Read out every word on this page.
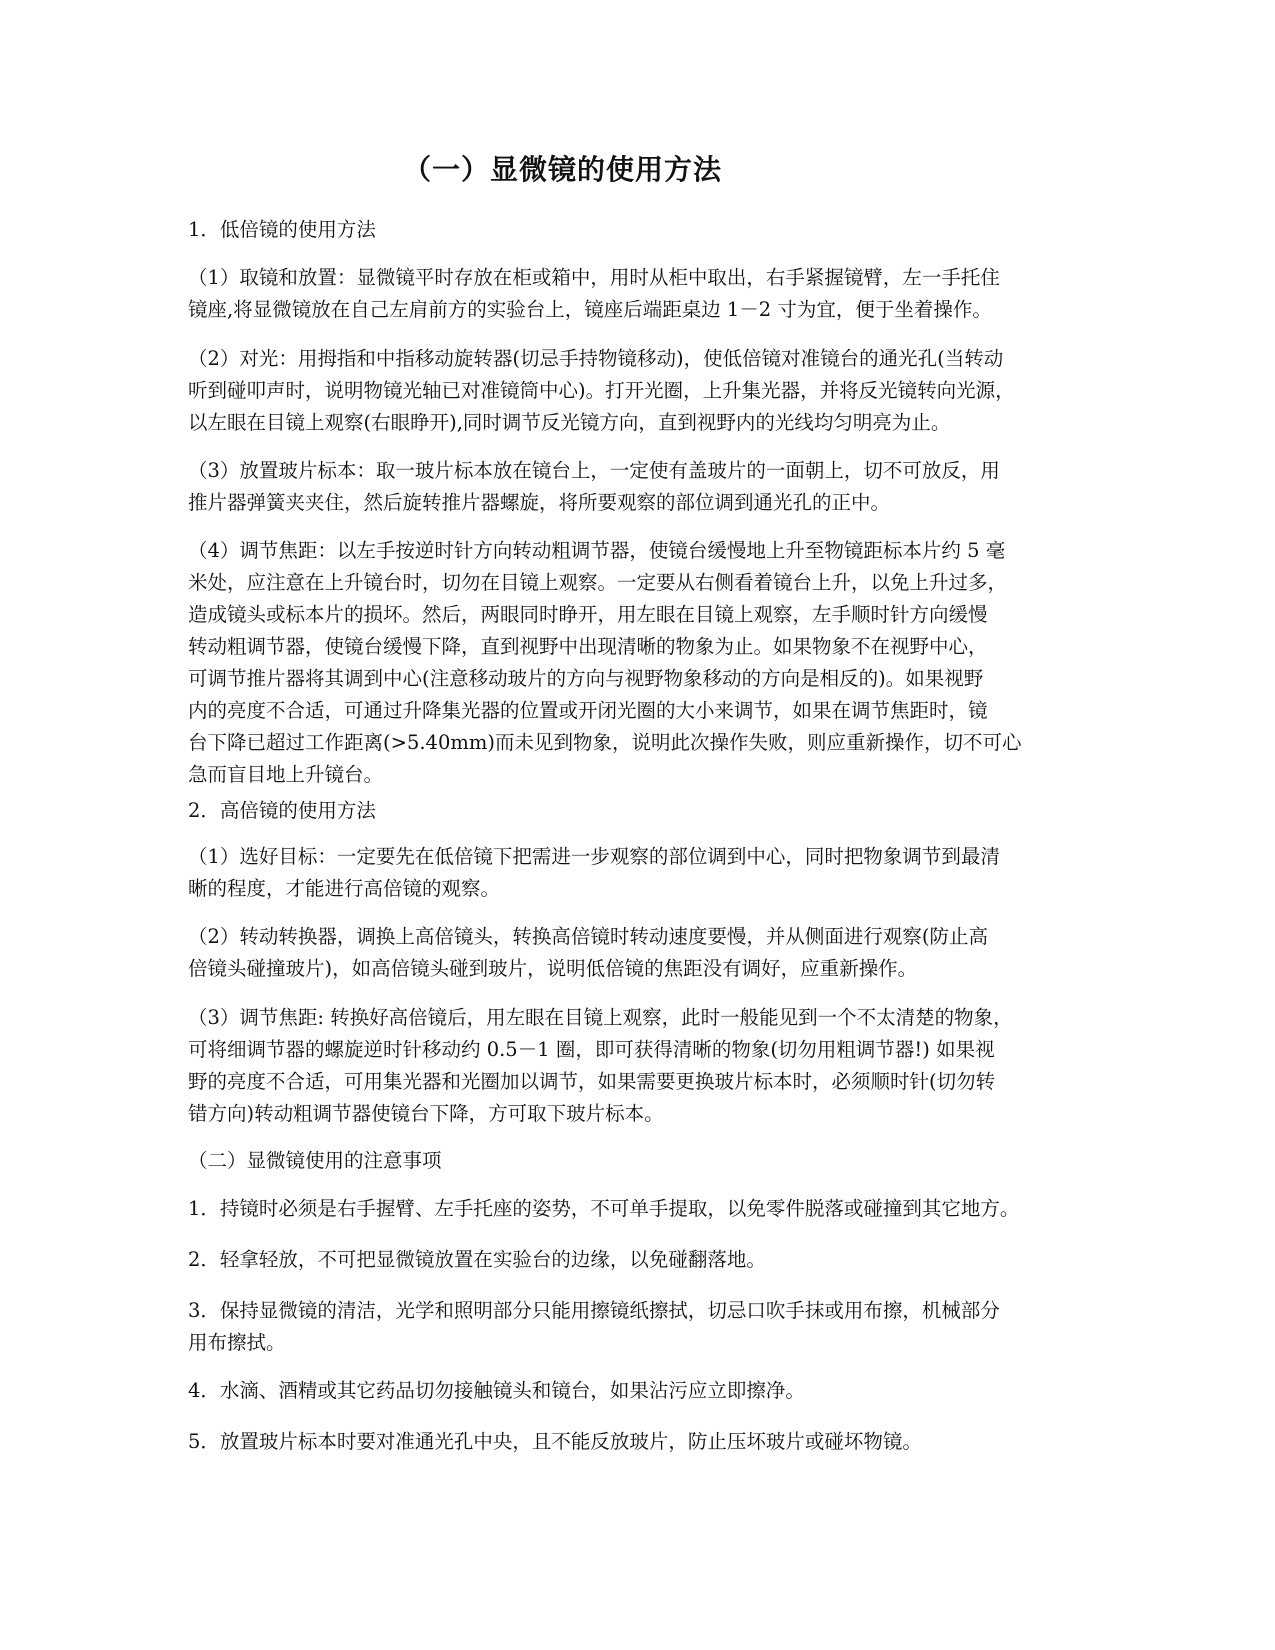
（一）显微镜的使用方法
1．低倍镜的使用方法
（1）取镜和放置：显微镜平时存放在柜或箱中，用时从柜中取出，右手紧握镜臂，左一手托住
镜座,将显微镜放在自己左肩前方的实验台上，镜座后端距桌边 1－2 寸为宜，便于坐着操作。
（2）对光：用拇指和中指移动旋转器(切忌手持物镜移动)，使低倍镜对准镜台的通光孔(当转动
听到碰叩声时，说明物镜光轴已对准镜筒中心)。打开光圈，上升集光器，并将反光镜转向光源，
以左眼在目镜上观察(右眼睁开),同时调节反光镜方向，直到视野内的光线均匀明亮为止。
（3）放置玻片标本：取一玻片标本放在镜台上，一定使有盖玻片的一面朝上，切不可放反，用
推片器弹簧夹夹住，然后旋转推片器螺旋，将所要观察的部位调到通光孔的正中。
（4）调节焦距：以左手按逆时针方向转动粗调节器，使镜台缓慢地上升至物镜距标本片约 5 毫
米处，应注意在上升镜台时，切勿在目镜上观察。一定要从右侧看着镜台上升，以免上升过多，
造成镜头或标本片的损坏。然后，两眼同时睁开，用左眼在目镜上观察，左手顺时针方向缓慢
转动粗调节器，使镜台缓慢下降，直到视野中出现清晰的物象为止。如果物象不在视野中心，
可调节推片器将其调到中心(注意移动玻片的方向与视野物象移动的方向是相反的)。如果视野
内的亮度不合适，可通过升降集光器的位置或开闭光圈的大小来调节，如果在调节焦距时，镜
台下降已超过工作距离(>5.40mm)而未见到物象，说明此次操作失败，则应重新操作，切不可心
急而盲目地上升镜台。
2．高倍镜的使用方法
（1）选好目标：一定要先在低倍镜下把需进一步观察的部位调到中心，同时把物象调节到最清
晰的程度，才能进行高倍镜的观察。
（2）转动转换器，调换上高倍镜头，转换高倍镜时转动速度要慢，并从侧面进行观察(防止高
倍镜头碰撞玻片)，如高倍镜头碰到玻片，说明低倍镜的焦距没有调好，应重新操作。
（3）调节焦距: 转换好高倍镜后，用左眼在目镜上观察，此时一般能见到一个不太清楚的物象，
可将细调节器的螺旋逆时针移动约 0.5－1 圈，即可获得清晰的物象(切勿用粗调节器!) 如果视
野的亮度不合适，可用集光器和光圈加以调节，如果需要更换玻片标本时，必须顺时针(切勿转
错方向)转动粗调节器使镜台下降，方可取下玻片标本。
（二）显微镜使用的注意事项
1．持镜时必须是右手握臂、左手托座的姿势，不可单手提取，以免零件脱落或碰撞到其它地方。
2．轻拿轻放，不可把显微镜放置在实验台的边缘，以免碰翻落地。
3．保持显微镜的清洁，光学和照明部分只能用擦镜纸擦拭，切忌口吹手抹或用布擦，机械部分
用布擦拭。
4．水滴、酒精或其它药品切勿接触镜头和镜台，如果沾污应立即擦净。
5．放置玻片标本时要对准通光孔中央，且不能反放玻片，防止压坏玻片或碰坏物镜。
